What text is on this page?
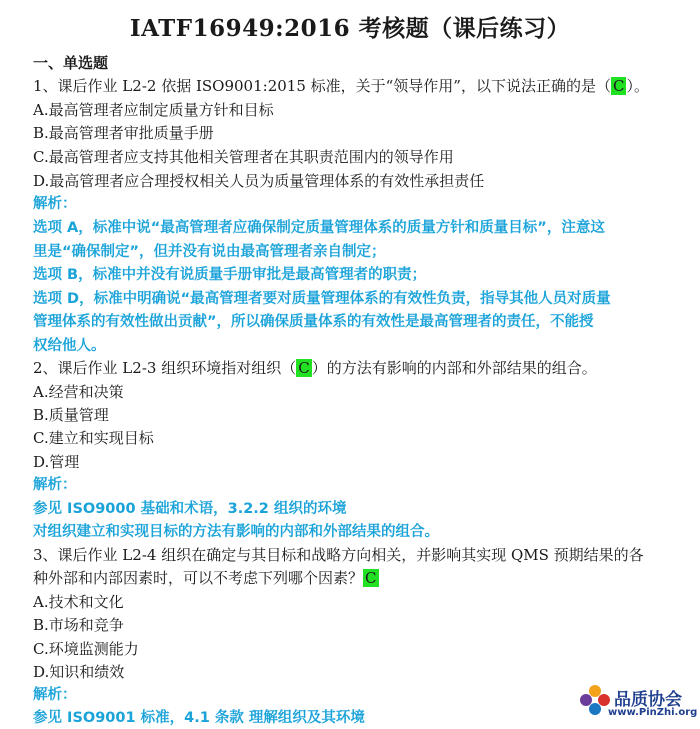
IATF16949:2016 考核题（课后练习）
一、单选题
1、课后作业 L2-2 依据 ISO9001:2015 标准，关于“领导作用”，以下说法正确的是（ C ）。
A.最高管理者应制定质量方针和目标
B.最高管理者审批质量手册
C.最高管理者应支持其他相关管理者在其职责范围内的领导作用
D.最高管理者应合理授权相关人员为质量管理体系的有效性承担责任
解析：
选项 A，标准中说“最高管理者应确保制定质量管理体系的质量方针和质量目标”，注意这
里是“确保制定”，但并没有说由最高管理者亲自制定；
选项 B，标准中并没有说质量手册审批是最高管理者的职责；
选项 D，标准中明确说“最高管理者要对质量管理体系的有效性负责，指导其他人员对质量
管理体系的有效性做出贡献”，所以确保质量体系的有效性是最高管理者的责任，不能授
权给他人。
2、课后作业 L2-3 组织环境指对组织（ C ）的方法有影响的内部和外部结果的组合。
A.经营和决策
B.质量管理
C.建立和实现目标
D.管理
解析：
参见 ISO9000 基础和术语，3.2.2 组织的环境
对组织建立和实现目标的方法有影响的内部和外部结果的组合。
3、课后作业 L2-4 组织在确定与其目标和战略方向相关，并影响其实现 QMS 预期结果的各
种外部和内部因素时，可以不考虑下列哪个因素？ C
A.技术和文化
B.市场和竞争
C.环境监测能力
D.知识和绩效
解析：
参见 ISO9001 标准，4.1 条款 理解组织及其环境
品质协会
www.PinZhi.org
